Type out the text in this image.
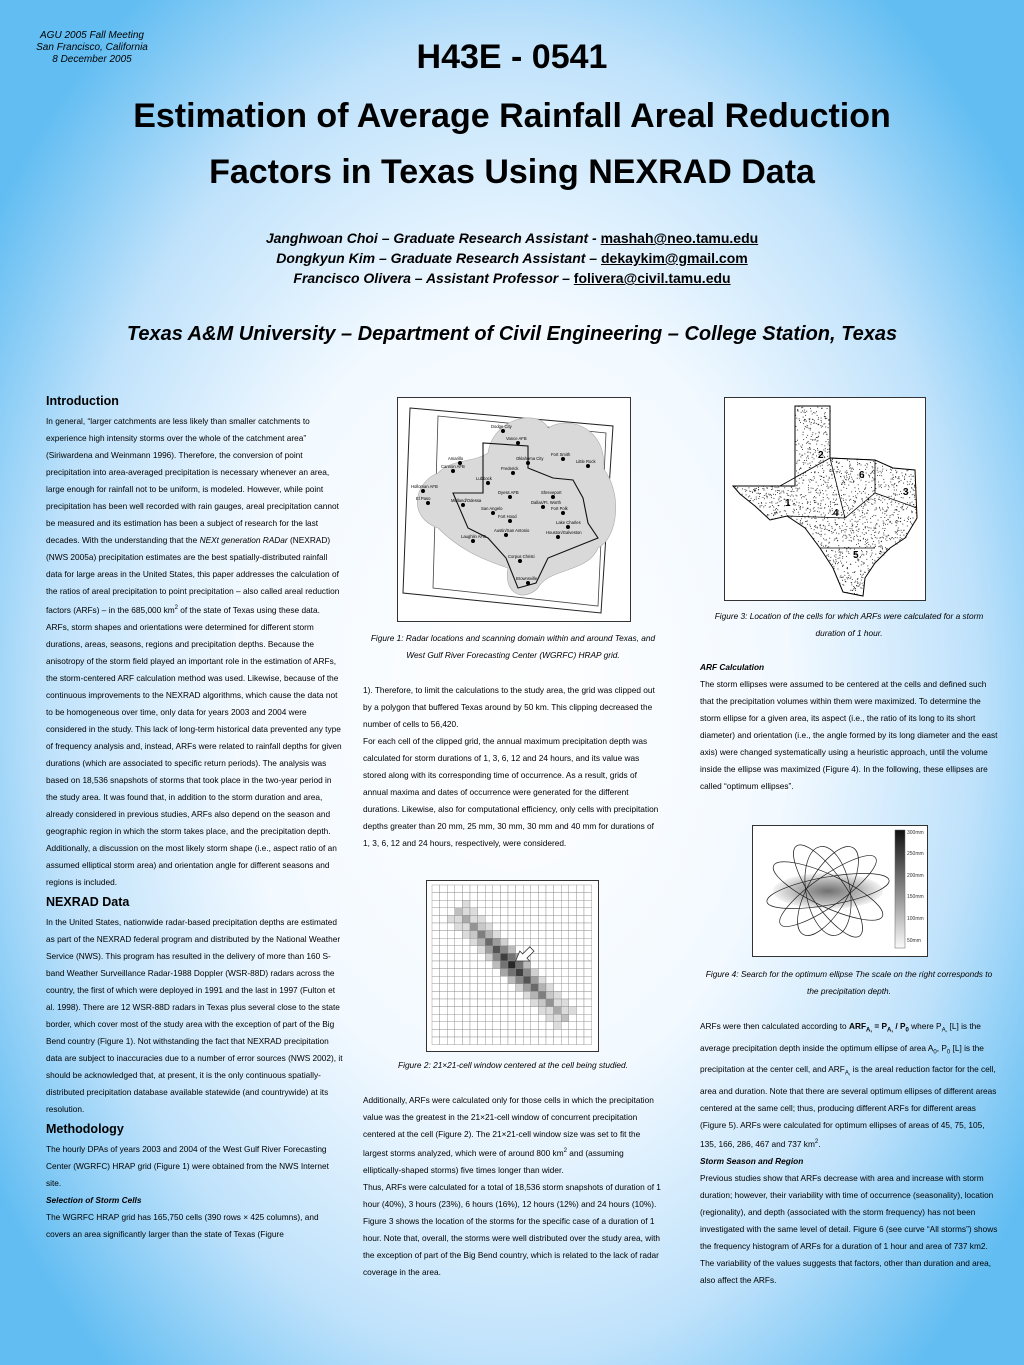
AGU 2005 Fall Meeting
San Francisco, California
8 December 2005	H43E - 0541
Estimation of Average Rainfall Areal Reduction
Factors in Texas Using NEXRAD Data
Janghwoan Choi – Graduate Research Assistant - mashah@neo.tamu.edu
Dongkyun Kim – Graduate Research Assistant – dekaykim@gmail.com
Francisco Olivera – Assistant Professor – folivera@civil.tamu.edu
Texas A&M University – Department of Civil Engineering – College Station, Texas
Introduction

In general, “larger catchments are less likely than smaller catchments to experience high intensity storms over the whole of the catchment area” (Siriwardena and Weinmann 1996). Therefore, the conversion of point precipitation into area-averaged precipitation is necessary whenever an area, large enough for rainfall not to be uniform, is modeled. However, while point precipitation has been well recorded with rain gauges, areal precipitation cannot be measured and its estimation has been a subject of research for the last decades. With the understanding that the NEXt generation RADar (NEXRAD) (NWS 2005a) precipitation estimates are the best spatially-distributed rainfall data for large areas in the United States, this paper addresses the calculation of the ratios of areal precipitation to point precipitation – also called areal reduction factors (ARFs) – in the 685,000 $km^2$ of the state of Texas using these data. ARFs, storm shapes and orientations were determined for different storm durations, areas, seasons, regions and precipitation depths. Because the anisotropy of the storm field played an important role in the estimation of ARFs, the storm-centered ARF calculation method was used. Likewise, because of the continuous improvements to the NEXRAD algorithms, which cause the data not to be homogeneous over time, only data for years 2003 and 2004 were considered in the study. This lack of long-term historical data prevented any type of frequency analysis and, instead, ARFs were related to rainfall depths for given durations (which are associated to specific return periods). The analysis was based on 18,536 snapshots of storms that took place in the two-year period in the study area. It was found that, in addition to the storm duration and area, already considered in previous studies, ARFs also depend on the season and geographic region in which the storm takes place, and the precipitation depth. Additionally, a discussion on the most likely storm shape (i.e., aspect ratio of an assumed elliptical storm area) and orientation angle for different seasons and regions is included.

NEXRAD Data

In the United States, nationwide radar-based precipitation depths are estimated as part of the NEXRAD federal program and distributed by the National Weather Service (NWS). This program has resulted in the delivery of more than 160 S-band Weather Surveillance Radar-1988 Doppler (WSR-88D) radars across the country, the first of which were deployed in 1991 and the last in 1997 (Fulton et al. 1998). There are 12 WSR-88D radars in Texas plus several close to the state border, which cover most of the study area with the exception of part of the Big Bend country (Figure 1). Not withstanding the fact that NEXRAD precipitation data are subject to inaccuracies due to a number of error sources (NWS 2002), it should be acknowledged that, at present, it is the only continuous spatially-distributed precipitation database available statewide (and countrywide) at its resolution.

Methodology

The hourly DPAs of years 2003 and 2004 of the West Gulf River Forecasting Center (WGRFC) HRAP grid (Figure 1) were obtained from the NWS Internet site.

Selection of Storm Cells

The WGRFC HRAP grid has 165,750 cells (390 rows × 425 columns), and covers an area significantly larger than the state of Texas (Figure

Dodge City
Vance AFB
Amarillo	Oklahoma City
Fort Smith
Cannon AFB	Frederick
Little Rock
Holloman AFB
Lubbock
El Paso	Midland/Odessa
Dyess AFB	Shreveport
Dallas/Ft. Worth
San Angelo	Fort Polk
Fort Hood
Lake Charles
Austin/San Antonio	Houston/Galveston
Laughlin AFB
Corpus Christi
Brownsville
Figure 1: Radar locations and scanning domain within and around Texas, and West Gulf River Forecasting Center (WGRFC) HRAP grid.

1). Therefore, to limit the calculations to the study area, the grid was clipped out by a polygon that buffered Texas around by 50 km. This clipping decreased the number of cells to 56,420.

For each cell of the clipped grid, the annual maximum precipitation depth was calculated for storm durations of 1, 3, 6, 12 and 24 hours, and its value was stored along with its corresponding time of occurrence. As a result, grids of annual maxima and dates of occurrence were generated for the different durations. Likewise, also for computational efficiency, only cells with precipitation depths greater than 20 mm, 25 mm, 30 mm, 30 mm and 40 mm for durations of 1, 3, 6, 12 and 24 hours, respectively, were considered.

Figure 2: 21×21-cell window centered at the cell being studied.

Additionally, ARFs were calculated only for those cells in which the precipitation value was the greatest in the 21×21-cell window of concurrent precipitation centered at the cell (Figure 2). The 21×21-cell window size was set to fit the largest storms analyzed, which were of around 800 $km^2$ and (assuming elliptically-shaped storms) five times longer than wider.

Thus, ARFs were calculated for a total of 18,536 storm snapshots of duration of 1 hour (40%), 3 hours (23%), 6 hours (16%), 12 hours (12%) and 24 hours (10%). Figure 3 shows the location of the storms for the specific case of a duration of 1 hour. Note that, overall, the storms were well distributed over the study area, with the exception of part of the Big Bend country, which is related to the lack of radar coverage in the area.

1
2
3
4
5
6
Figure 3: Location of the cells for which ARFs were calculated for a storm duration of 1 hour.

ARF Calculation

The storm ellipses were assumed to be centered at the cells and defined such that the precipitation volumes within them were maximized. To determine the storm ellipse for a given area, its aspect (i.e., the ratio of its long to its short diameter) and orientation (i.e., the angle formed by its long diameter and the east axis) were changed systematically using a heuristic approach, until the volume inside the ellipse was maximized (Figure 4). In the following, these ellipses are called “optimum ellipses”.

300mm
250mm
200mm
150mm
100mm
50mm
Figure 4: Search for the optimum ellipse The scale on the right corresponds to the precipitation depth.

ARFs were then calculated according to $ARF_{A,} = P_{A,} / P_0$ where $P_{A,}$ [L] is the average precipitation depth inside the optimum ellipse of area $A_0$, $P_0$ [L] is the precipitation at the center cell, and $ARF_{A,}$ is the areal reduction factor for the cell, area and duration. Note that there are several optimum ellipses of different areas centered at the same cell; thus, producing different ARFs for different areas (Figure 5). ARFs were calculated for optimum ellipses of areas of 45, 75, 105, 135, 166, 286, 467 and 737 $km^2$.

Storm Season and Region

Previous studies show that ARFs decrease with area and increase with storm duration; however, their variability with time of occurrence (seasonality), location (regionality), and depth (associated with the storm frequency) has not been investigated with the same level of detail. Figure 6 (see curve “All storms”) shows the frequency histogram of ARFs for a duration of 1 hour and area of 737 km2. The variability of the values suggests that factors, other than duration and area, also affect the ARFs.
